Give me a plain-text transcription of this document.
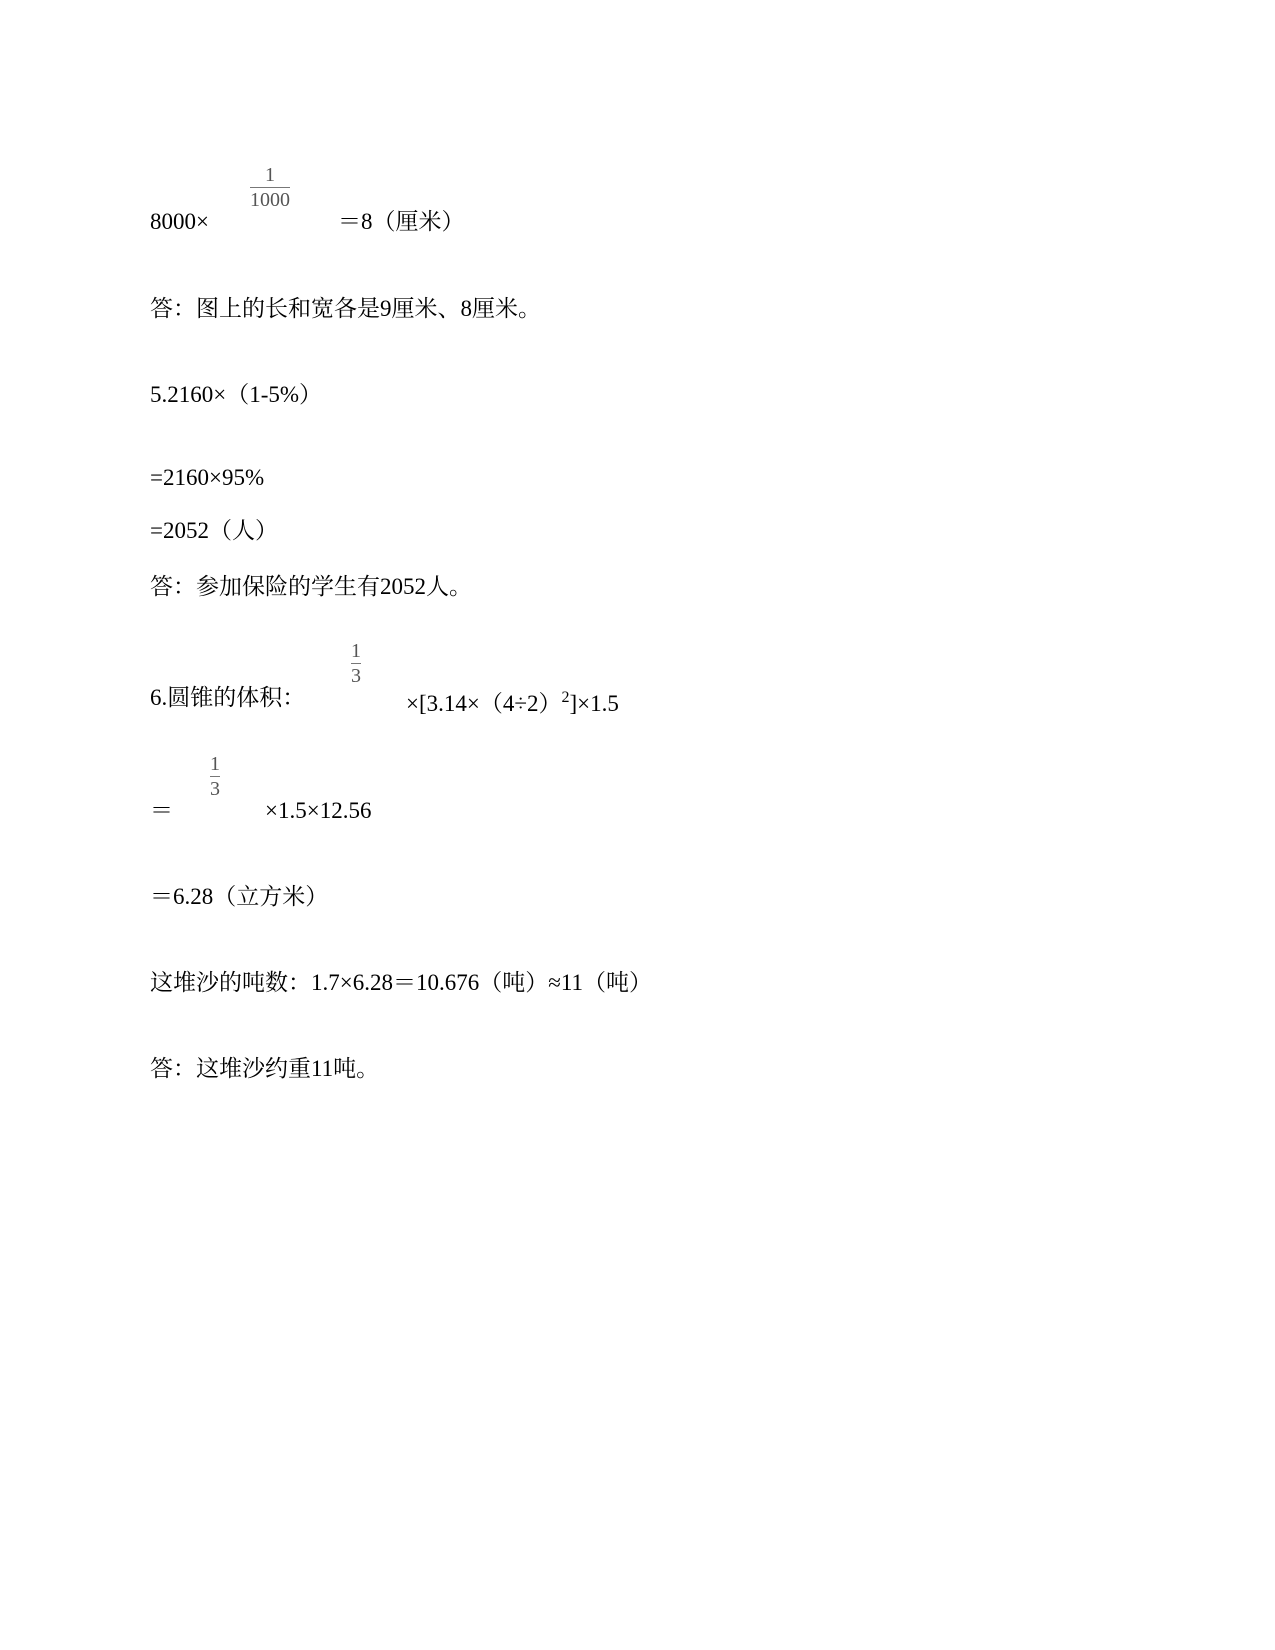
8000×
1
1000
＝8（厘米）
答：图上的长和宽各是9厘米、8厘米。
5.2160×（1-5%）
=2160×95%
=2052（人）
答：参加保险的学生有2052人。
6.圆锥的体积：
1
3
$\times[3.14\times(4\div 2)^2]\times 1.5$
＝
1
3
×1.5×12.56
＝6.28（立方米）
这堆沙的吨数：1.7×6.28＝10.676（吨）≈11（吨）
答：这堆沙约重11吨。
